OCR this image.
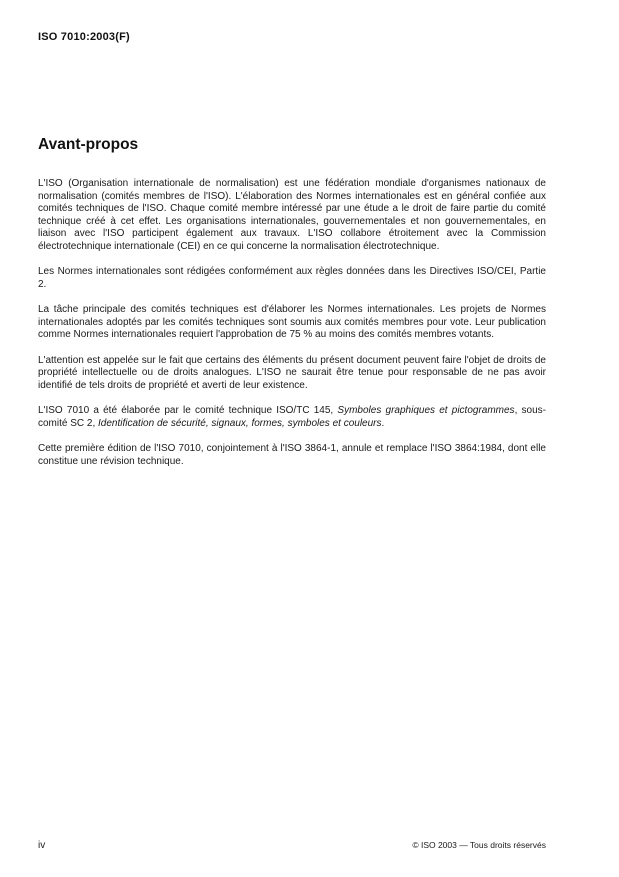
ISO 7010:2003(F)
Avant-propos

L'ISO (Organisation internationale de normalisation) est une fédération mondiale d'organismes nationaux de normalisation (comités membres de l'ISO). L'élaboration des Normes internationales est en général confiée aux comités techniques de l'ISO. Chaque comité membre intéressé par une étude a le droit de faire partie du comité technique créé à cet effet. Les organisations internationales, gouvernementales et non gouvernementales, en liaison avec l'ISO participent également aux travaux. L'ISO collabore étroitement avec la Commission électrotechnique internationale (CEI) en ce qui concerne la normalisation électrotechnique.

Les Normes internationales sont rédigées conformément aux règles données dans les Directives ISO/CEI, Partie 2.

La tâche principale des comités techniques est d'élaborer les Normes internationales. Les projets de Normes internationales adoptés par les comités techniques sont soumis aux comités membres pour vote. Leur publication comme Normes internationales requiert l'approbation de 75 % au moins des comités membres votants.

L'attention est appelée sur le fait que certains des éléments du présent document peuvent faire l'objet de droits de propriété intellectuelle ou de droits analogues. L'ISO ne saurait être tenue pour responsable de ne pas avoir identifié de tels droits de propriété et averti de leur existence.

L'ISO 7010 a été élaborée par le comité technique ISO/TC 145, Symboles graphiques et pictogrammes, sous-comité SC 2, Identification de sécurité, signaux, formes, symboles et couleurs.

Cette première édition de l'ISO 7010, conjointement à l'ISO 3864-1, annule et remplace l'ISO 3864:1984, dont elle constitue une révision technique.

iv	© ISO 2003 — Tous droits réservés
